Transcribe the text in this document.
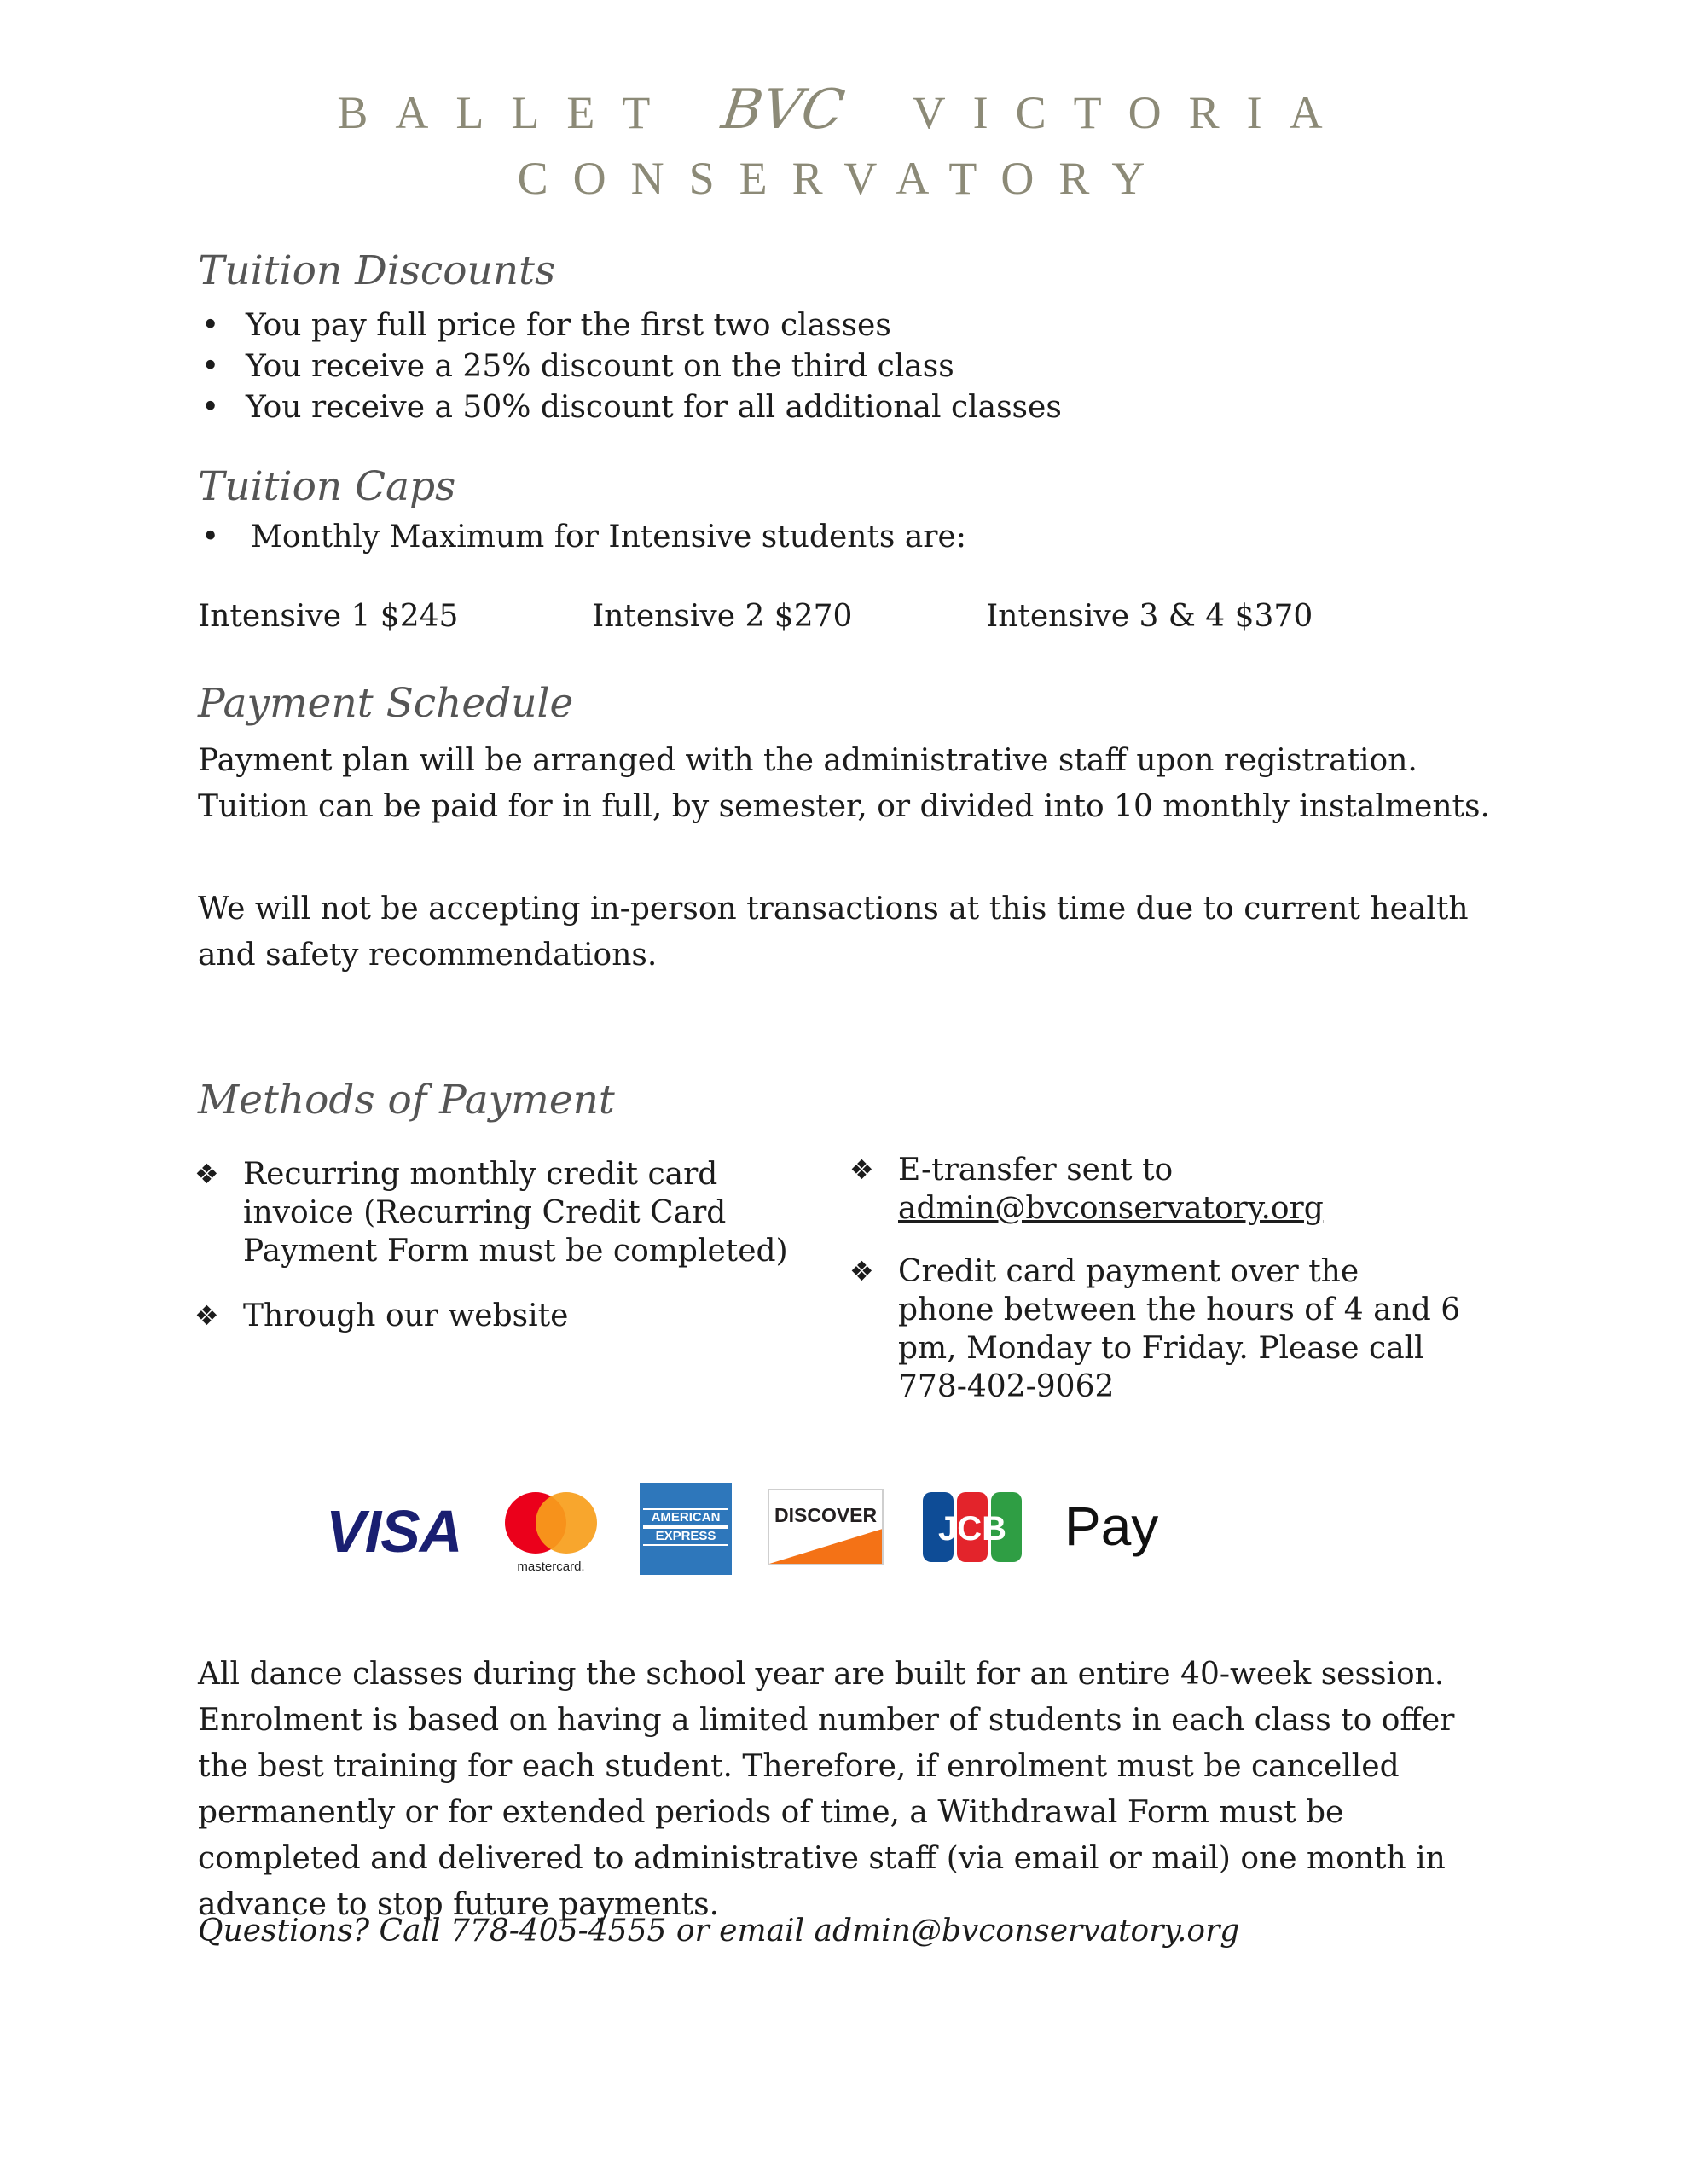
BALLET BVC VICTORIA
CONSERVATORY
Tuition Discounts
• You pay full price for the first two classes
• You receive a 25% discount on the third class
• You receive a 50% discount for all additional classes
Tuition Caps
• Monthly Maximum for Intensive students are:
Intensive 1 $245	Intensive 2 $270	Intensive 3 & 4 $370
Payment Schedule
Payment plan will be arranged with the administrative staff upon registration. Tuition can be paid for in full, by semester, or divided into 10 monthly instalments.
We will not be accepting in-person transactions at this time due to current health and safety recommendations.
Methods of Payment
❖ Recurring monthly credit card invoice (Recurring Credit Card Payment Form must be completed)
❖ Through our website
❖ E-transfer sent to
admin@bvconservatory.org
❖ Credit card payment over the phone between the hours of 4 and 6 pm, Monday to Friday. Please call 778-402-9062
VISA
mastercard.
AMERICAN
EXPRESS
DISCOVER JCB Pay
All dance classes during the school year are built for an entire 40-week session. Enrolment is based on having a limited number of students in each class to offer the best training for each student. Therefore, if enrolment must be cancelled permanently or for extended periods of time, a Withdrawal Form must be completed and delivered to administrative staff (via email or mail) one month in advance to stop future payments.
Questions? Call 778-405-4555 or email admin@bvconservatory.org
